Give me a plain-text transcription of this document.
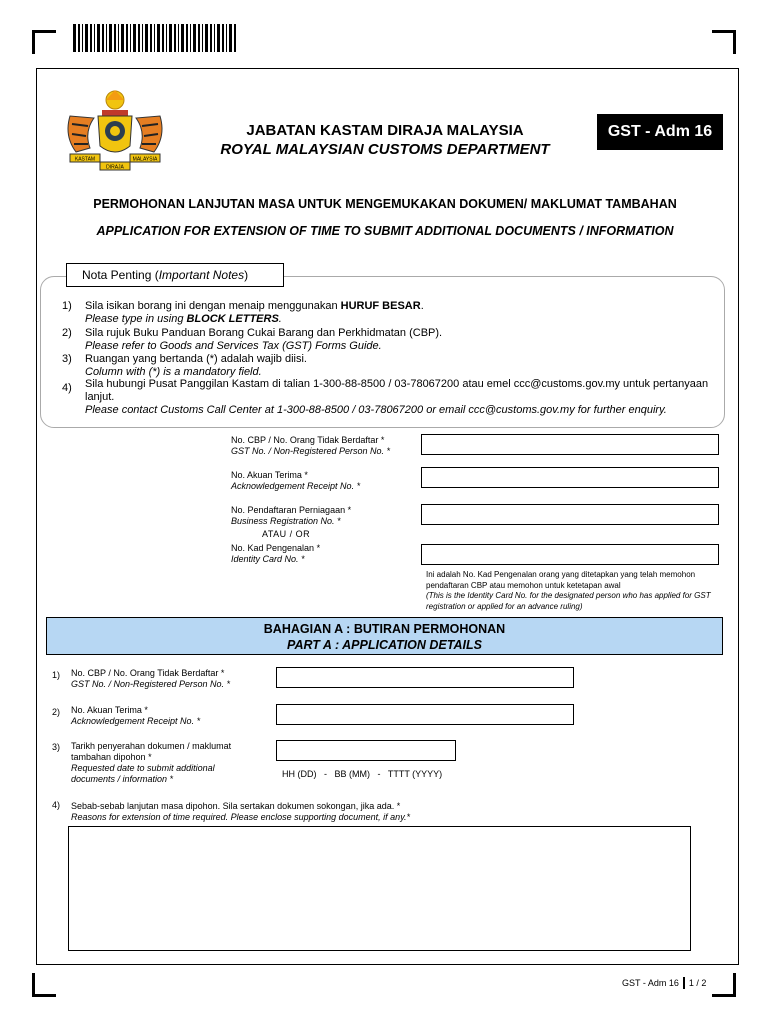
KASTAM	MALAYSIA
DIRAJA
JABATAN KASTAM DIRAJA MALAYSIA
ROYAL MALAYSIAN CUSTOMS DEPARTMENT
GST - Adm 16
PERMOHONAN LANJUTAN MASA UNTUK MENGEMUKAKAN DOKUMEN/ MAKLUMAT TAMBAHAN
APPLICATION FOR EXTENSION OF TIME TO SUBMIT ADDITIONAL DOCUMENTS / INFORMATION
Nota Penting ( Important Notes )
1) Sila isikan borang ini dengan menaip menggunakan HURUF BESAR.
Please type in using BLOCK LETTERS.
2) Sila rujuk Buku Panduan Borang Cukai Barang dan Perkhidmatan (CBP).
Please refer to Goods and Services Tax (GST) Forms Guide.
3) Ruangan yang bertanda (*) adalah wajib diisi.
Column with (*) is a mandatory field.
4) Sila hubungi Pusat Panggilan Kastam di talian 1-300-88-8500 / 03-78067200 atau emel ccc@customs.gov.my untuk pertanyaan lanjut.
Please contact Customs Call Center at 1-300-88-8500 / 03-78067200 or email ccc@customs.gov.my for further enquiry.
No. CBP / No. Orang Tidak Berdaftar *
GST No. / Non-Registered Person No. *
No. Akuan Terima *
Acknowledgement Receipt No. *
No. Pendaftaran Perniagaan *
Business Registration No. *
ATAU / OR
No. Kad Pengenalan *
Identity Card No. *
Ini adalah No. Kad Pengenalan orang yang ditetapkan yang telah memohon pendaftaran CBP atau memohon untuk ketetapan awal
(This is the Identity Card No. for the designated person who has applied for GST registration or applied for an advance ruling)
BAHAGIAN A : BUTIRAN PERMOHONAN
PART A : APPLICATION DETAILS
1) No. CBP / No. Orang Tidak Berdaftar *
GST No. / Non-Registered Person No. *
2) No. Akuan Terima *
Acknowledgement Receipt No. *
3) Tarikh penyerahan dokumen / maklumat tambahan dipohon *
Requested date to submit additional documents / information *	HH (DD)   -   BB (MM)   -   TTTT (YYYY)
4) Sebab-sebab lanjutan masa dipohon. Sila sertakan dokumen sokongan, jika ada. *
Reasons for extension of time required. Please enclose supporting document, if any.*
GST - Adm 16 1 / 2
